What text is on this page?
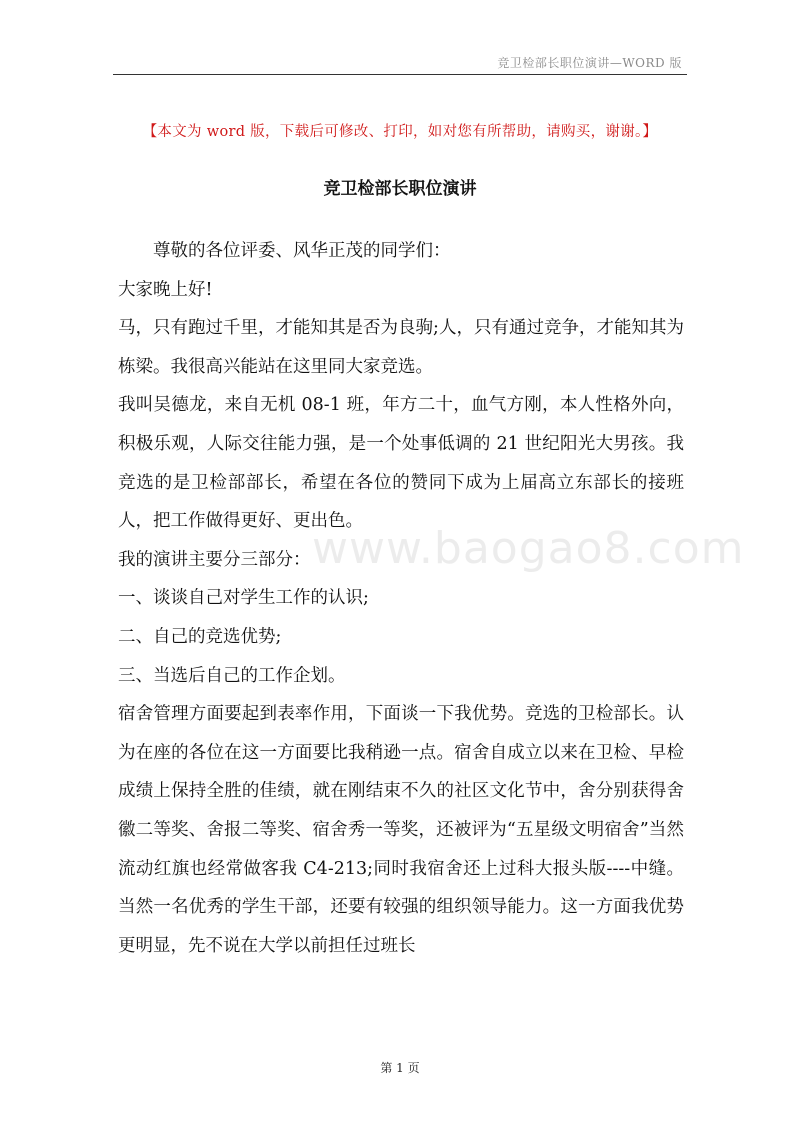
竞卫检部长职位演讲—WORD 版
【本文为 word 版，下载后可修改、打印，如对您有所帮助，请购买，谢谢。】
竞卫检部长职位演讲

尊敬的各位评委、风华正茂的同学们：

大家晚上好!

马，只有跑过千里，才能知其是否为良驹;人，只有通过竞争，才能知其为栋梁。我很高兴能站在这里同大家竞选。

我叫吴德龙，来自无机 08-1 班，年方二十，血气方刚，本人性格外向，积极乐观，人际交往能力强，是一个处事低调的 21 世纪阳光大男孩。我竞选的是卫检部部长，希望在各位的赞同下成为上届高立东部长的接班人，把工作做得更好、更出色。

我的演讲主要分三部分：

一、谈谈自己对学生工作的认识;

二、自己的竞选优势;

三、当选后自己的工作企划。

宿舍管理方面要起到表率作用，下面谈一下我优势。竞选的卫检部长。认为在座的各位在这一方面要比我稍逊一点。宿舍自成立以来在卫检、早检成绩上保持全胜的佳绩，就在刚结束不久的社区文化节中，舍分别获得舍徽二等奖、舍报二等奖、宿舍秀一等奖，还被评为“五星级文明宿舍”当然流动红旗也经常做客我 C4-213;同时我宿舍还上过科大报头版----中缝。当然一名优秀的学生干部，还要有较强的组织领导能力。这一方面我优势更明显，先不说在大学以前担任过班长

www.baogao8.com
第 1 页
